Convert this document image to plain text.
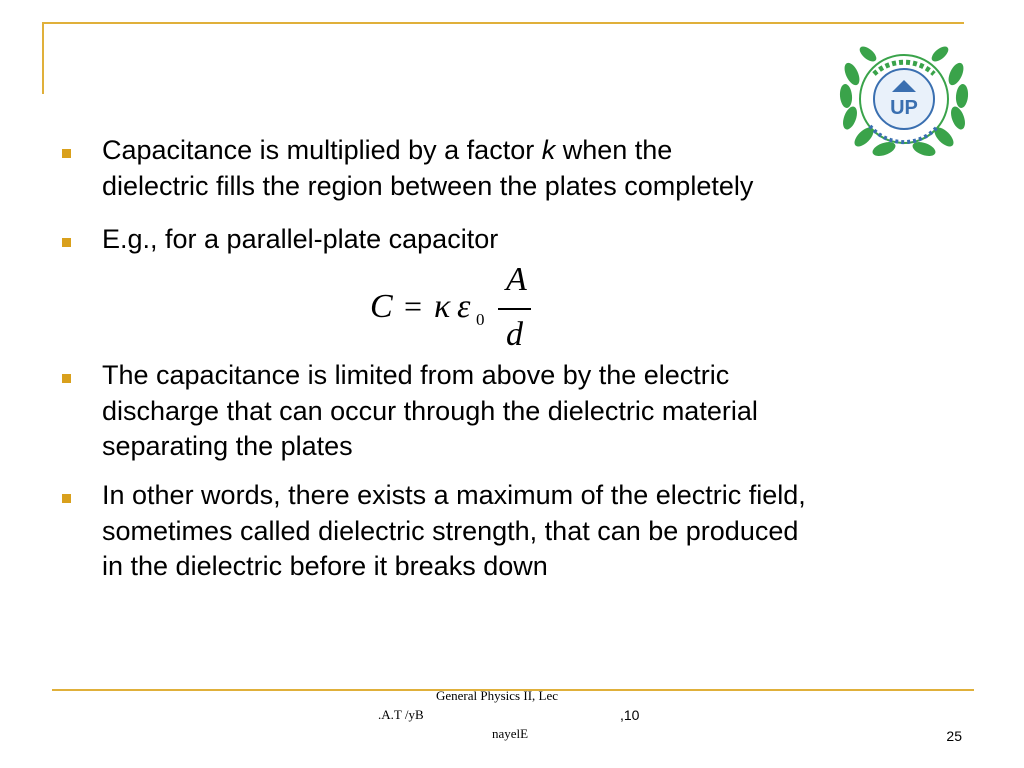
UP
Capacitance is multiplied by a factor k when the
dielectric fills the region between the plates completely
E.g., for a parallel-plate capacitor
The capacitance is limited from above by the electric
discharge that can occur through the dielectric material
separating the plates
In other words, there exists a maximum of the electric field,
sometimes called dielectric strength, that can be produced
in the dielectric before it breaks down
C = κ ε 0
A
d
General Physics II, Lec
.A.T /yB	,10
nayelE	25
